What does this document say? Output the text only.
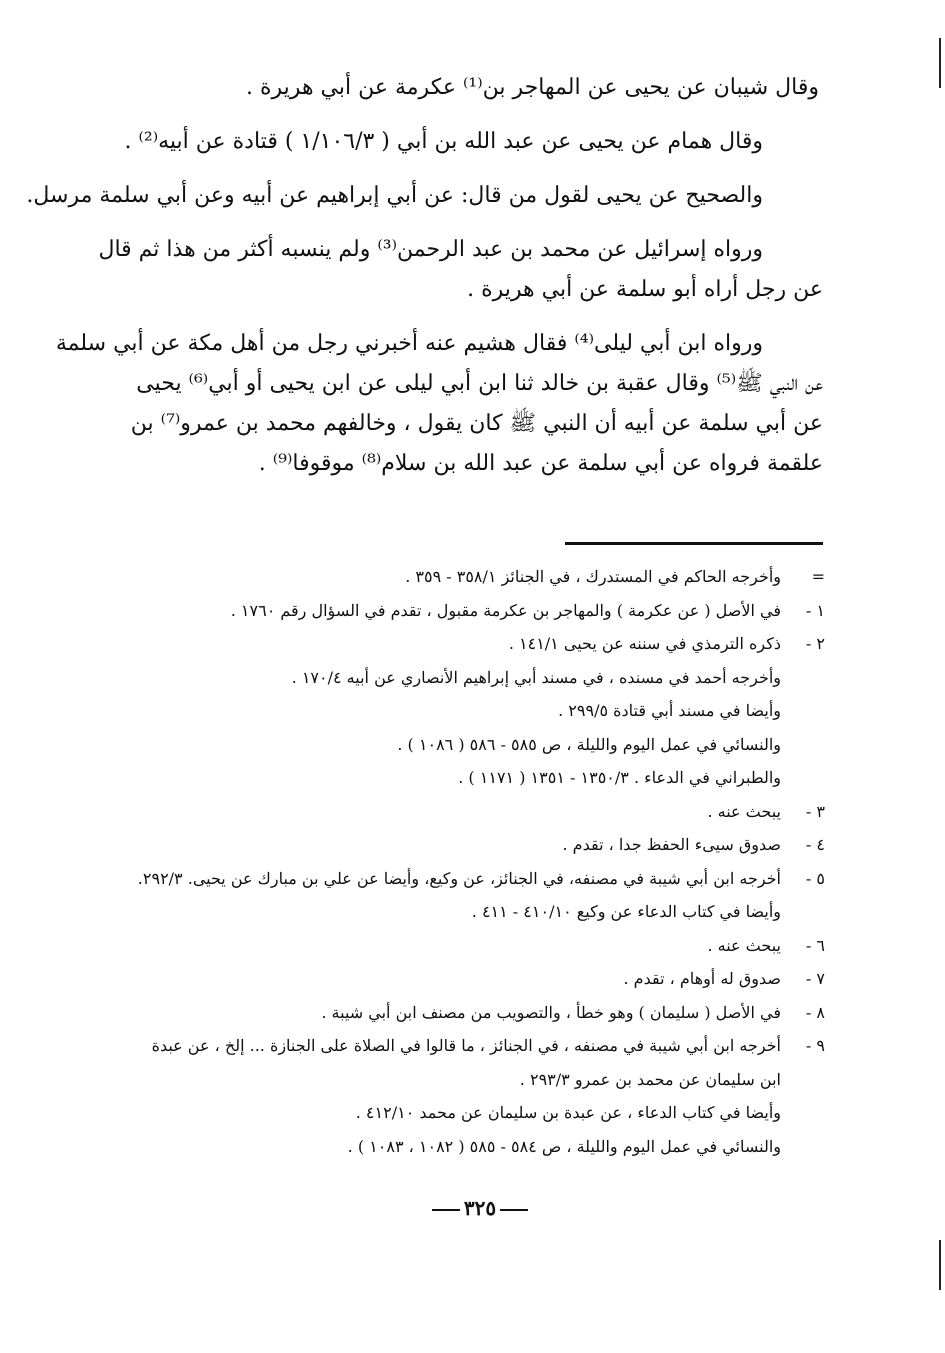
وقال شيبان عن يحيى عن المهاجر بن⁽¹⁾ عكرمة عن أبي هريرة .

وقال همام عن يحيى عن عبد الله بن أبي ( ١/١٠٦/٣ ) قتادة عن أبيه⁽²⁾ .

والصحيح عن يحيى لقول من قال: عن أبي إبراهيم عن أبيه وعن أبي سلمة مرسل.

ورواه إسرائيل عن محمد بن عبد الرحمن⁽³⁾ ولم ينسبه أكثر من هذا ثم قال
عن رجل أراه أبو سلمة عن أبي هريرة .

ورواه ابن أبي ليلى⁽⁴⁾ فقال هشيم عنه أخبرني رجل من أهل مكة عن أبي سلمة
عن النبي ﷺ⁽⁵⁾ وقال عقبة بن خالد ثنا ابن أبي ليلى عن ابن يحيى أو أبي⁽⁶⁾ يحيى
عن أبي سلمة عن أبيه أن النبي ﷺ كان يقول ، وخالفهم محمد بن عمرو⁽⁷⁾ بن
علقمة فرواه عن أبي سلمة عن عبد الله بن سلام⁽⁸⁾ موقوفا⁽⁹⁾ .

=
وأخرجه الحاكم في المستدرك ، في الجنائز ٣٥٨/١ - ٣٥٩ .
١ -
في الأصل ( عن عكرمة ) والمهاجر بن عكرمة مقبول ، تقدم في السؤال رقم ١٧٦٠ .
٢ -
ذكره الترمذي في سننه عن يحيى ١٤١/١ .
وأخرجه أحمد في مسنده ، في مسند أبي إبراهيم الأنصاري عن أبيه ١٧٠/٤ .
وأيضا في مسند أبي قتادة ٢٩٩/٥ .
والنسائي في عمل اليوم والليلة ، ص ٥٨٥ - ٥٨٦ ( ١٠٨٦ ) .
والطبراني في الدعاء . ١٣٥٠/٣ - ١٣٥١ ( ١١٧١ ) .
٣ -
يبحث عنه .
٤ -
صدوق سيىء الحفظ جدا ، تقدم .
٥ -
أخرجه ابن أبي شيبة في مصنفه، في الجنائز، عن وكيع، وأيضا عن علي بن مبارك عن يحيى. ٢٩٢/٣.
وأيضا في كتاب الدعاء عن وكيع ٤١٠/١٠ - ٤١١ .
٦ -
يبحث عنه .
٧ -
صدوق له أوهام ، تقدم .
٨ -
في الأصل ( سليمان ) وهو خطأ ، والتصويب من مصنف ابن أبي شيبة .
٩ -
أخرجه ابن أبي شيبة في مصنفه ، في الجنائز ، ما قالوا في الصلاة على الجنازة ... إلخ ، عن عبدة
ابن سليمان عن محمد بن عمرو ٢٩٣/٣ .
وأيضا في كتاب الدعاء ، عن عبدة بن سليمان عن محمد ٤١٢/١٠ .
والنسائي في عمل اليوم والليلة ، ص ٥٨٤ - ٥٨٥ ( ١٠٨٢ ، ١٠٨٣ ) .
٣٢٥
